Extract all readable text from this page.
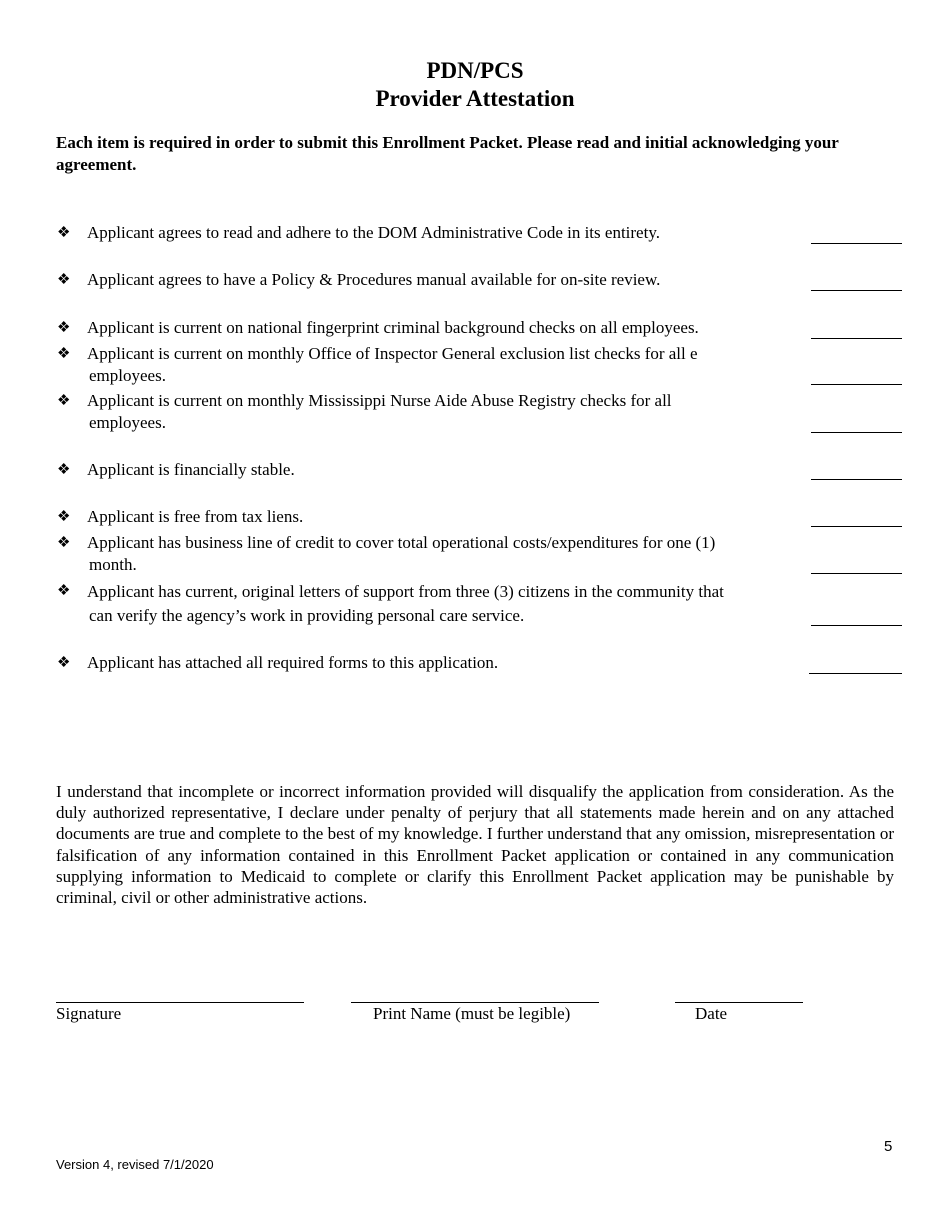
PDN/PCS
Provider Attestation
Each item is required in order to submit this Enrollment Packet. Please read and initial acknowledging your agreement.
❖ Applicant agrees to read and adhere to the DOM Administrative Code in its entirety.
❖ Applicant agrees to have a Policy & Procedures manual available for on-site review.
❖ Applicant is current on national fingerprint criminal background checks on all employees.
❖ Applicant is current on monthly Office of Inspector General exclusion list checks for all e
employees.
❖ Applicant is current on monthly Mississippi Nurse Aide Abuse Registry checks for all
employees.
❖ Applicant is financially stable.
❖ Applicant is free from tax liens.
❖ Applicant has business line of credit to cover total operational costs/expenditures for one (1)
month.
❖ Applicant has current, original letters of support from three (3) citizens in the community that
can verify the agency’s work in providing personal care service.
❖ Applicant has attached all required forms to this application.
I understand that incomplete or incorrect information provided will disqualify the application from consideration. As the duly authorized representative, I declare under penalty of perjury that all statements made herein and on any attached documents are true and complete to the best of my knowledge. I further understand that any omission, misrepresentation or falsification of any information contained in this Enrollment Packet application or contained in any communication supplying information to Medicaid to complete or clarify this Enrollment Packet application may be punishable by criminal, civil or other administrative actions.
Signature	Print Name (must be legible)	Date
5
Version 4, revised 7/1/2020
